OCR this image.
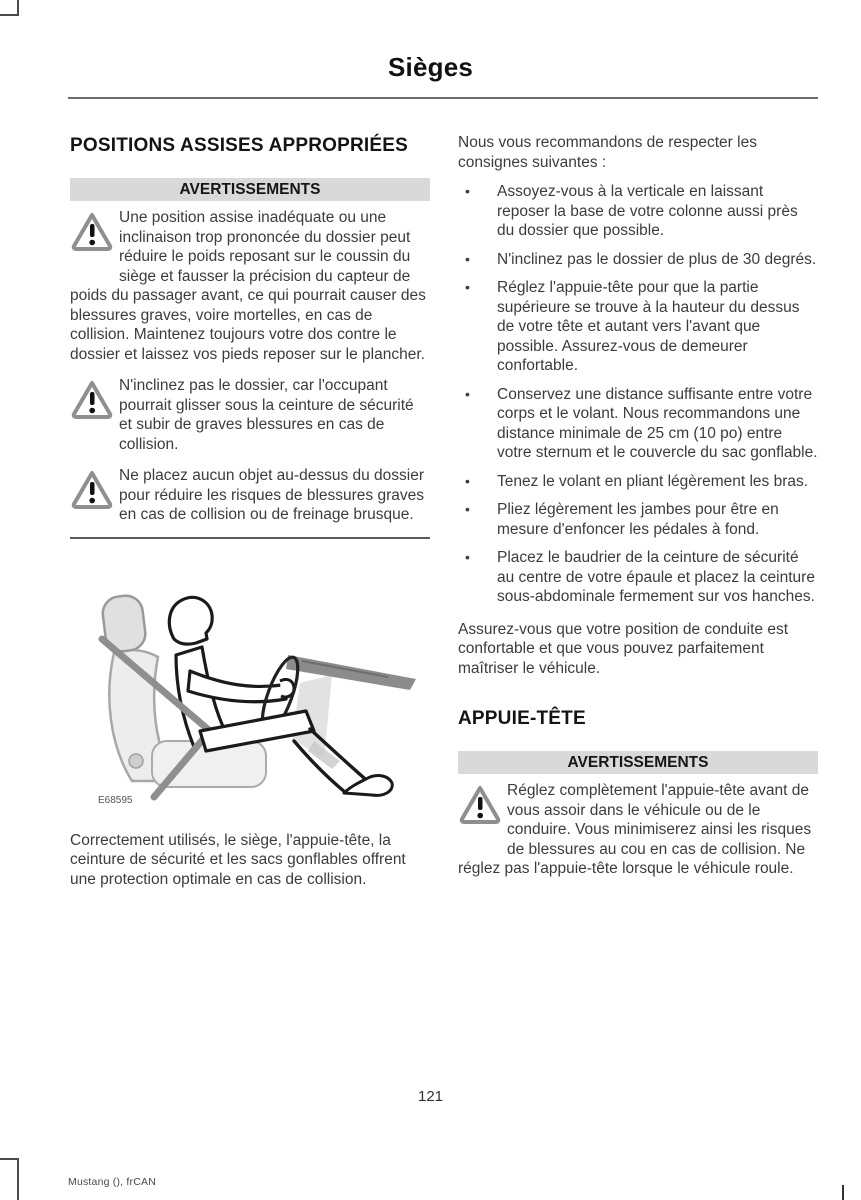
Sièges
POSITIONS ASSISES APPROPRIÉES
AVERTISSEMENTS
Une position assise inadéquate ou une inclinaison trop prononcée du dossier peut réduire le poids reposant sur le coussin du siège et fausser la précision du capteur de poids du passager avant, ce qui pourrait causer des blessures graves, voire mortelles, en cas de collision. Maintenez toujours votre dos contre le dossier et laissez vos pieds reposer sur le plancher.
N'inclinez pas le dossier, car l'occupant pourrait glisser sous la ceinture de sécurité et subir de graves blessures en cas de collision.
Ne placez aucun objet au-dessus du dossier pour réduire les risques de blessures graves en cas de collision ou de freinage brusque.
E68595

Correctement utilisés, le siège, l'appuie-tête, la ceinture de sécurité et les sacs gonflables offrent une protection optimale en cas de collision.

Nous vous recommandons de respecter les consignes suivantes :

•	Assoyez-vous à la verticale en laissant reposer la base de votre colonne aussi près du dossier que possible.
•	N'inclinez pas le dossier de plus de 30 degrés.
•	Réglez l'appuie-tête pour que la partie supérieure se trouve à la hauteur du dessus de votre tête et autant vers l'avant que possible. Assurez-vous de demeurer confortable.
•	Conservez une distance suffisante entre votre corps et le volant. Nous recommandons une distance minimale de 25 cm (10 po) entre votre sternum et le couvercle du sac gonflable.
•	Tenez le volant en pliant légèrement les bras.
•	Pliez légèrement les jambes pour être en mesure d'enfoncer les pédales à fond.
•	Placez le baudrier de la ceinture de sécurité au centre de votre épaule et placez la ceinture sous-abdominale fermement sur vos hanches.

Assurez-vous que votre position de conduite est confortable et que vous pouvez parfaitement maîtriser le véhicule.

APPUIE-TÊTE
AVERTISSEMENTS
Réglez complètement l'appuie-tête avant de vous assoir dans le véhicule ou de le conduire. Vous minimiserez ainsi les risques de blessures au cou en cas de collision. Ne réglez pas l'appuie-tête lorsque le véhicule roule.
121
Mustang (), frCAN
